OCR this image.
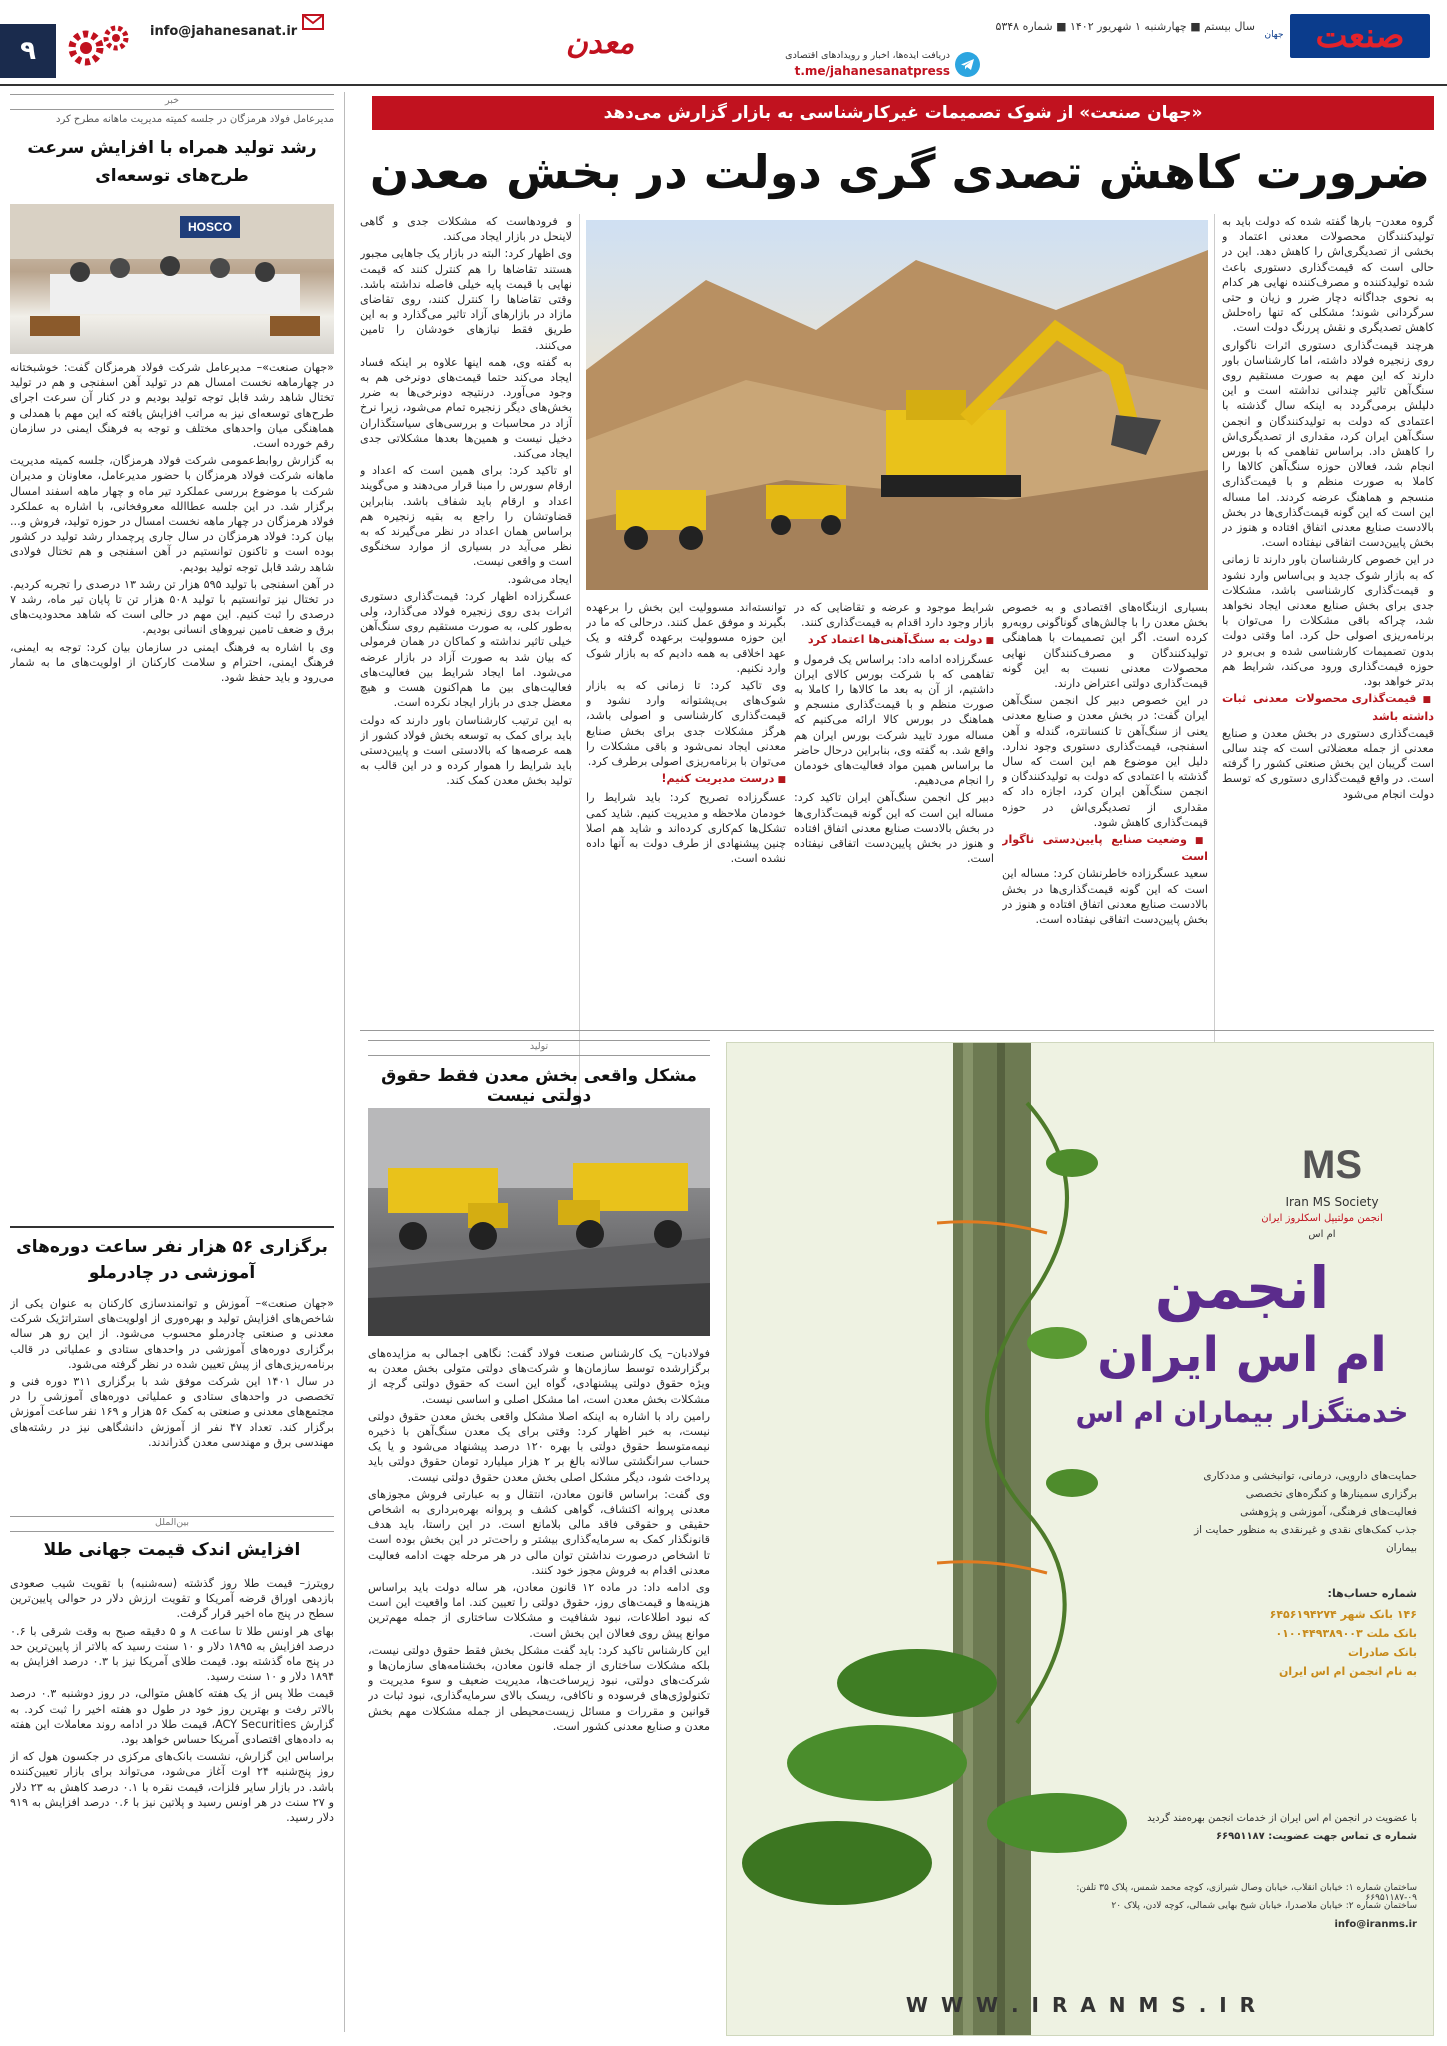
صنعت
جهان
سال بیستم ■ چهارشنبه ۱ شهریور ۱۴۰۲ ■ شماره ۵۳۴۸
دریافت ایده‌ها، اخبار و رویدادهای اقتصادی
t.me/jahanesanatpress
معدن
info@jahanesanat.ir
۹
«جهان صنعت» از شوک تصمیمات غیرکارشناسی به بازار گزارش می‌دهد
ضرورت کاهش تصدی گری دولت در بخش معدن

گروه معدن– بارها گفته شده که دولت باید به تولیدکنندگان محصولات معدنی اعتماد و بخشی از تصدیگری‌اش را کاهش دهد. این در حالی است که قیمت‌گذاری دستوری باعث شده تولیدکننده و مصرف‌کننده نهایی هر کدام به نحوی جداگانه دچار ضرر و زیان و حتی سرگردانی شوند؛ مشکلی که تنها راه‌حلش کاهش تصدیگری و نقش پررنگ دولت است.

هرچند قیمت‌گذاری دستوری اثرات ناگواری روی زنجیره فولاد داشته، اما کارشناسان باور دارند که این مهم به صورت مستقیم روی سنگ‌آهن تاثیر چندانی نداشته است و این دلیلش برمی‌گردد به اینکه سال گذشته با اعتمادی که دولت به تولیدکنندگان و انجمن سنگ‌آهن ایران کرد، مقداری از تصدیگری‌اش را کاهش داد. براساس تفاهمی که با بورس انجام شد، فعالان حوزه سنگ‌آهن کالاها را کاملا به صورت منظم و با قیمت‌گذاری منسجم و هماهنگ عرضه کردند. اما مساله این است که این گونه قیمت‌گذاری‌ها در بخش بالادست صنایع معدنی اتفاق افتاده و هنوز در بخش پایین‌دست اتفاقی نیفتاده است.

در این خصوص کارشناسان باور دارند تا زمانی که به بازار شوک جدید و بی‌اساس وارد نشود و قیمت‌گذاری کارشناسی باشد، مشکلات جدی برای بخش صنایع معدنی ایجاد نخواهد شد، چراکه باقی مشکلات را می‌توان با برنامه‌ریزی اصولی حل کرد. اما وقتی دولت بدون تصمیمات کارشناسی شده و بی‌برو در حوزه قیمت‌گذاری ورود می‌کند، شرایط هم بدتر خواهد بود.

■ قیمت‌گذاری محصولات معدنی ثبات داشته باشد

قیمت‌گذاری دستوری در بخش معدن و صنایع معدنی از جمله معضلاتی است که چند سالی است گریبان این بخش صنعتی کشور را گرفته است. در واقع قیمت‌گذاری دستوری که توسط دولت انجام می‌شود

و فرودهاست که مشکلات جدی و گاهی لاینحل در بازار ایجاد می‌کند.

وی اظهار کرد: البته در بازار یک جاهایی مجبور هستند تقاضاها را هم کنترل کنند که قیمت نهایی با قیمت پایه خیلی فاصله نداشته باشد. وقتی تقاضاها را کنترل کنند، روی تقاضای مازاد در بازارهای آزاد تاثیر می‌گذارد و به این طریق فقط نیازهای خودشان را تامین می‌کنند.

به گفته وی، همه اینها علاوه بر اینکه فساد ایجاد می‌کند حتما قیمت‌های دونرخی هم به وجود می‌آورد. درنتیجه دونرخی‌ها به ضرر بخش‌های دیگر زنجیره تمام می‌شود، زیرا نرخ آزاد در محاسبات و بررسی‌های سیاستگذاران دخیل نیست و همین‌ها بعدها مشکلاتی جدی ایجاد می‌کند.

او تاکید کرد: برای همین است که اعداد و ارقام سورس را مبنا قرار می‌دهند و می‌گویند اعداد و ارقام باید شفاف باشد. بنابراین قضاوتشان را راجع به بقیه زنجیره هم براساس همان اعداد در نظر می‌گیرند که به نظر می‌آید در بسیاری از موارد سخنگوی است و واقعی نیست.

ایجاد می‌شود.

عسگرزاده اظهار کرد: قیمت‌گذاری دستوری اثرات بدی روی زنجیره فولاد می‌گذارد، ولی به‌طور کلی، به صورت مستقیم روی سنگ‌آهن خیلی تاثیر نداشته و کماکان در همان فرمولی که بیان شد به صورت آزاد در بازار عرضه می‌شود. اما ایجاد شرایط بین فعالیت‌های فعالیت‌های بین ما هم‌اکنون هست و هیچ معضل جدی در بازار ایجاد نکرده است.

به این ترتیب کارشناسان باور دارند که دولت باید برای کمک به توسعه بخش فولاد کشور از همه عرصه‌ها که بالادستی است و پایین‌دستی باید شرایط را هموار کرده و در این قالب به تولید بخش معدن کمک کند.

بسیاری ازبنگاه‌های اقتصادی و به خصوص بخش معدن را با چالش‌های گوناگونی روبه‌رو کرده است. اگر این تصمیمات با هماهنگی تولیدکنندگان و مصرف‌کنندگان نهایی محصولات معدنی نسبت به این گونه قیمت‌گذاری دولتی اعتراض دارند.

در این خصوص دبیر کل انجمن سنگ‌آهن ایران گفت: در بخش معدن و صنایع معدنی یعنی از سنگ‌آهن تا کنسانتره، گندله و آهن اسفنجی، قیمت‌گذاری دستوری وجود ندارد. دلیل این موضوع هم این است که سال گذشته با اعتمادی که دولت به تولیدکنندگان و انجمن سنگ‌آهن ایران کرد، اجازه داد که مقداری از تصدیگری‌اش در حوزه قیمت‌گذاری کاهش شود.

■ وضعیت صنایع پایین‌دستی ناگوار است

سعید عسگرزاده خاطرنشان کرد: مساله این است که این گونه قیمت‌گذاری‌ها در بخش بالادست صنایع معدنی اتفاق افتاده و هنوز در بخش پایین‌دست اتفاقی نیفتاده است.

شرایط موجود و عرضه و تقاضایی که در بازار وجود دارد اقدام به قیمت‌گذاری کنند.

■ دولت به سنگ‌آهنی‌ها اعتماد کرد

عسگرزاده ادامه داد: براساس یک فرمول و تفاهمی که با شرکت بورس کالای ایران داشتیم، از آن به بعد ما کالاها را کاملا به صورت منظم و با قیمت‌گذاری منسجم و هماهنگ در بورس کالا ارائه می‌کنیم که مساله مورد تایید شرکت بورس ایران هم واقع شد. به گفته وی، بنابراین درحال حاضر ما براساس همین مواد فعالیت‌های خودمان را انجام می‌دهیم.

دبیر کل انجمن سنگ‌آهن ایران تاکید کرد: مساله این است که این گونه قیمت‌گذاری‌ها در بخش بالادست صنایع معدنی اتفاق افتاده و هنوز در بخش پایین‌دست اتفاقی نیفتاده است.

توانسته‌اند مسوولیت این بخش را برعهده بگیرند و موفق عمل کنند. درحالی که ما در این حوزه مسوولیت برعهده گرفته و یک عهد اخلاقی به همه دادیم که به بازار شوک وارد نکنیم.

وی تاکید کرد: تا زمانی که به بازار شوک‌های بی‌پشتوانه وارد نشود و قیمت‌گذاری کارشناسی و اصولی باشد، هرگز مشکلات جدی برای بخش صنایع معدنی ایجاد نمی‌شود و باقی مشکلات را می‌توان با برنامه‌ریزی اصولی برطرف کرد.

■ درست مدیریت کنیم!

عسگرزاده تصریح کرد: باید شرایط را خودمان ملاحظه و مدیریت کنیم. شاید کمی تشکل‌ها کم‌کاری کرده‌اند و شاید هم اصلا چنین پیشنهادی از طرف دولت به آنها داده نشده است.

تولید
مشکل واقعی بخش معدن فقط حقوق دولتی نیست

فولادبان– یک کارشناس صنعت فولاد گفت: نگاهی اجمالی به مزایده‌های برگزارشده توسط سازمان‌ها و شرکت‌های دولتی متولی بخش معدن به ویژه حقوق دولتی پیشنهادی، گواه این است که حقوق دولتی گرچه از مشکلات بخش معدن است، اما مشکل اصلی و اساسی نیست.

رامین راد با اشاره به اینکه اصلا مشکل واقعی بخش معدن حقوق دولتی نیست، به خبر اظهار کرد: وقتی برای یک معدن سنگ‌آهن با ذخیره نیمه‌متوسط حقوق دولتی با بهره ۱۲۰ درصد پیشنهاد می‌شود و یا یک حساب سرانگشتی سالانه بالغ بر ۲ هزار میلیارد تومان حقوق دولتی باید پرداخت شود، دیگر مشکل اصلی بخش معدن حقوق دولتی نیست.

وی گفت: براساس قانون معادن، انتقال و به عبارتی فروش مجوزهای معدنی پروانه اکتشاف، گواهی کشف و پروانه بهره‌برداری به اشخاص حقیقی و حقوقی فاقد مالی بلامانع است. در این راستا، باید هدف قانونگذار کمک به سرمایه‌گذاری بیشتر و راحت‌تر در این بخش بوده است تا اشخاص درصورت نداشتن توان مالی در هر مرحله جهت ادامه فعالیت معدنی اقدام به فروش مجوز خود کنند.

وی ادامه داد: در ماده ۱۲ قانون معادن، هر ساله دولت باید براساس هزینه‌ها و قیمت‌های روز، حقوق دولتی را تعیین کند. اما واقعیت این است که نبود اطلاعات، نبود شفافیت و مشکلات ساختاری از جمله مهم‌ترین موانع پیش روی فعالان این بخش است.

این کارشناس تاکید کرد: باید گفت مشکل بخش فقط حقوق دولتی نیست، بلکه مشکلات ساختاری از جمله قانون معادن، بخشنامه‌های سازمان‌ها و شرکت‌های دولتی، نبود زیرساخت‌ها، مدیریت ضعیف و سوء مدیریت و تکنولوژی‌های فرسوده و ناکافی، ریسک بالای سرمایه‌گذاری، نبود ثبات در قوانین و مقررات و مسائل زیست‌محیطی از جمله مشکلات مهم بخش معدن و صنایع معدنی کشور است.

MS
Iran MS Society
انجمن مولتیپل اسکلروز ایران
ام اس
انجمن
ام اس ایران
خدمتگزار بیماران ام اس
حمایت‌های دارویی، درمانی، توانبخشی و مددکاری
برگزاری سمینارها و کنگره‌های تخصصی
فعالیت‌های فرهنگی، آموزشی و پژوهشی
جذب کمک‌های نقدی و غیرنقدی به منظور حمایت از بیماران
شماره حساب‌ها:
۱۴۶ بانک شهر ۶۴۵۶۱۹۴۲۷۴
بانک ملت ۰۱۰۰۴۴۹۳۸۹۰۰۳
بانک صادرات
به نام انجمن ام اس ایران
با عضویت در انجمن ام اس ایران از خدمات انجمن بهره‌مند گردید
شماره ی تماس جهت عضویت: ۶۶۹۵۱۱۸۷
ساختمان شماره ۱: خیابان انقلاب، خیابان وصال شیرازی، کوچه محمد شمس، پلاک ۳۵ تلفن: ۰۹-۶۶۹۵۱۱۸۷
ساختمان شماره ۲: خیابان ملاصدرا، خیابان شیخ بهایی شمالی، کوچه لادن، پلاک ۲۰
info@iranms.ir
W W W . I R A N M S . I R
خبر
مدیرعامل فولاد هرمزگان در جلسه کمیته مدیریت ماهانه مطرح کرد
رشد تولید همراه با افزایش سرعت طرح‌های توسعه‌ای
HOSCO

«جهان صنعت»– مدیرعامل شرکت فولاد هرمزگان گفت: خوشبختانه در چهارماهه نخست امسال هم در تولید آهن اسفنجی و هم در تولید تختال شاهد رشد قابل توجه تولید بودیم و در کنار آن سرعت اجرای طرح‌های توسعه‌ای نیز به مراتب افزایش یافته که این مهم با همدلی و هماهنگی میان واحدهای مختلف و توجه به فرهنگ ایمنی در سازمان رقم خورده است.

به گزارش روابط‌عمومی شرکت فولاد هرمزگان، جلسه کمیته مدیریت ماهانه شرکت فولاد هرمزگان با حضور مدیرعامل، معاونان و مدیران شرکت با موضوع بررسی عملکرد تیر ماه و چهار ماهه اسفند امسال برگزار شد. در این جلسه عطاالله معروفخانی، با اشاره به عملکرد فولاد هرمزگان در چهار ماهه نخست امسال در حوزه تولید، فروش و... بیان کرد: فولاد هرمزگان در سال جاری پرچمدار رشد تولید در کشور بوده است و تاکنون توانستیم در آهن اسفنجی و هم تختال فولادی شاهد رشد قابل توجه تولید بودیم.

در آهن اسفنجی با تولید ۵۹۵ هزار تن رشد ۱۳ درصدی را تجربه کردیم. در تختال نیز توانستیم با تولید ۵۰۸ هزار تن تا پایان تیر ماه، رشد ۷ درصدی را ثبت کنیم. این مهم در حالی است که شاهد محدودیت‌های برق و ضعف تامین نیروهای انسانی بودیم.

وی با اشاره به فرهنگ ایمنی در سازمان بیان کرد: توجه به ایمنی، فرهنگ ایمنی، احترام و سلامت کارکنان از اولویت‌های ما به شمار می‌رود و باید حفظ شود.

برگزاری ۵۶ هزار نفر ساعت دوره‌های آموزشی در چادرملو

«جهان صنعت»– آموزش و توانمندسازی کارکنان به عنوان یکی از شاخص‌های افزایش تولید و بهره‌وری از اولویت‌های استراتژیک شرکت معدنی و صنعتی چادرملو محسوب می‌شود. از این رو هر ساله برگزاری دوره‌های آموزشی در واحدهای ستادی و عملیاتی در قالب برنامه‌ریزی‌های از پیش تعیین شده در نظر گرفته می‌شود.

در سال ۱۴۰۱ این شرکت موفق شد با برگزاری ۳۱۱ دوره فنی و تخصصی در واحدهای ستادی و عملیاتی دوره‌های آموزشی را در مجتمع‌های معدنی و صنعتی به کمک ۵۶ هزار و ۱۶۹ نفر ساعت آموزش برگزار کند. تعداد ۴۷ نفر از آموزش دانشگاهی نیز در رشته‌های مهندسی برق و مهندسی معدن گذراندند.

بین‌الملل
افزایش اندک قیمت جهانی طلا

رویترز– قیمت طلا روز گذشته (سه‌شنبه) با تقویت شیب صعودی بازدهی اوراق قرضه آمریکا و تقویت ارزش دلار در حوالی پایین‌ترین سطح در پنج ماه اخیر قرار گرفت.

بهای هر اونس طلا تا ساعت ۸ و ۵ دقیقه صبح به وقت شرقی با ۰.۶ درصد افزایش به ۱۸۹۵ دلار و ۱۰ سنت رسید که بالاتر از پایین‌ترین حد در پنج ماه گذشته بود. قیمت طلای آمریکا نیز با ۰.۳ درصد افزایش به ۱۸۹۴ دلار و ۱۰ سنت رسید.

قیمت طلا پس از یک هفته کاهش متوالی، در روز دوشنبه ۰.۳ درصد بالاتر رفت و بهترین روز خود در طول دو هفته اخیر را ثبت کرد. به گزارش ACY Securities، قیمت طلا در ادامه روند معاملات این هفته به داده‌های اقتصادی آمریکا حساس خواهد بود.

براساس این گزارش، نشست بانک‌های مرکزی در جکسون هول که از روز پنج‌شنبه ۲۴ اوت آغاز می‌شود، می‌تواند برای بازار تعیین‌کننده باشد. در بازار سایر فلزات، قیمت نقره با ۰.۱ درصد کاهش به ۲۳ دلار و ۲۷ سنت در هر اونس رسید و پلاتین نیز با ۰.۶ درصد افزایش به ۹۱۹ دلار رسید.
